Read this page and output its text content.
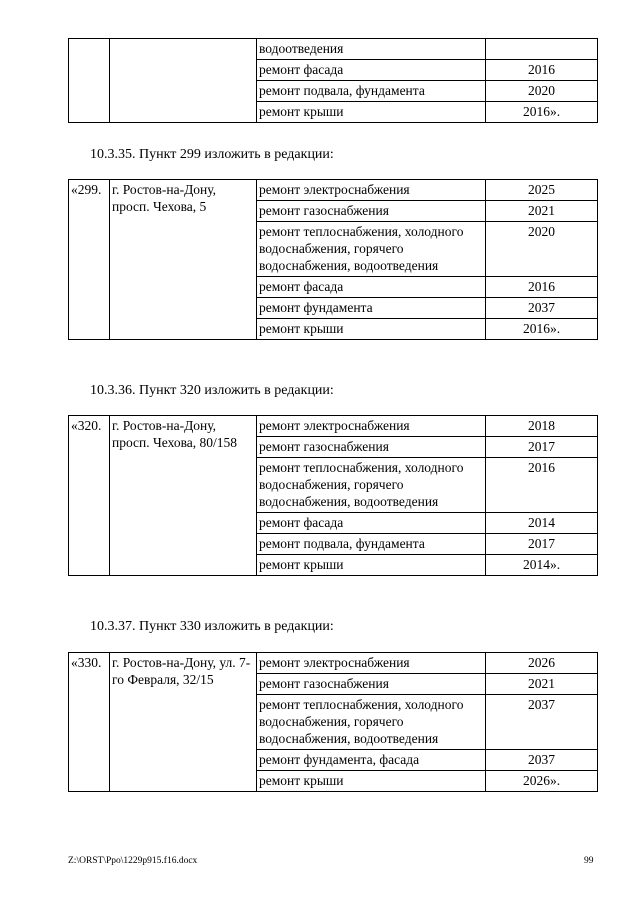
		водоотведения	
		ремонт фасада	2016
		ремонт подвала, фундамента	2020
		ремонт крыши	2016».
10.3.35. Пункт 299 изложить в редакции:
«299.	г. Ростов-на-Дону, просп. Чехова, 5	ремонт электроснабжения	2025
		ремонт газоснабжения	2021
		ремонт теплоснабжения, холодного водоснабжения, горячего водоснабжения, водоотведения	2020
		ремонт фасада	2016
		ремонт фундамента	2037
		ремонт крыши	2016».
10.3.36. Пункт 320 изложить в редакции:
«320.	г. Ростов-на-Дону, просп. Чехова, 80/158	ремонт электроснабжения	2018
		ремонт газоснабжения	2017
		ремонт теплоснабжения, холодного водоснабжения, горячего водоснабжения, водоотведения	2016
		ремонт фасада	2014
		ремонт подвала, фундамента	2017
		ремонт крыши	2014».
10.3.37. Пункт 330 изложить в редакции:
«330.	г. Ростов-на-Дону, ул. 7-го Февраля, 32/15	ремонт электроснабжения	2026
		ремонт газоснабжения	2021
		ремонт теплоснабжения, холодного водоснабжения, горячего водоснабжения, водоотведения	2037
		ремонт фундамента, фасада	2037
		ремонт крыши	2026».
Z:\ORST\Ppo\1229p915.f16.docx	99
